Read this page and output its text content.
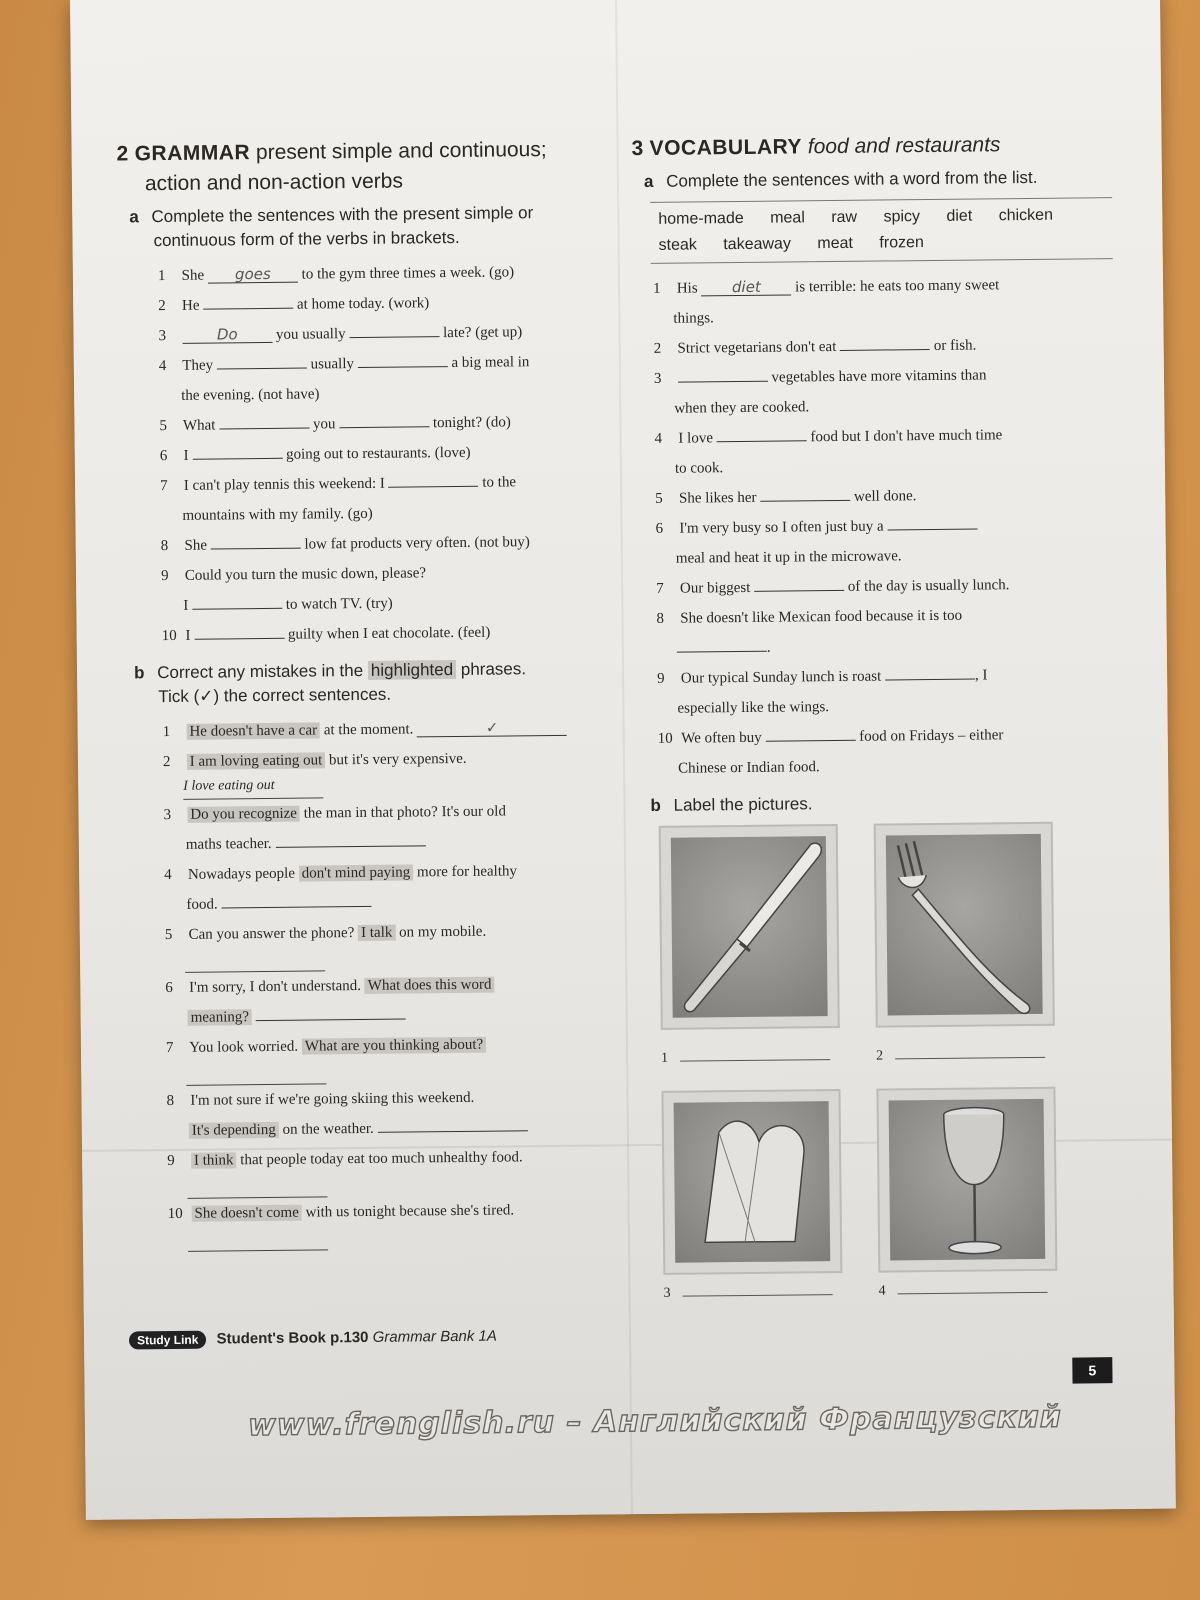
2 GRAMMAR present simple and continuous;
action and non-action verbs
a Complete the sentences with the present simple or
continuous form of the verbs in brackets.
1 She goes to the gym three times a week. (go)
2 He	at home today. (work)
3	Do	you usually	late? (get up)
4 They	usually	a big meal in
the evening. (not have)
5 What	you	tonight? (do)
6 I	going out to restaurants. (love)
7 I can't play tennis this weekend: I	to the
mountains with my family. (go)
8 She	low fat products very often. (not buy)
9 Could you turn the music down, please?
I	to watch TV. (try)
10 I	guilty when I eat chocolate. (feel)
b Correct any mistakes in the highlighted phrases.
Tick (✓) the correct sentences.
1 He doesn't have a car at the moment.	✓
2 I am loving eating out but it's very expensive.
I love eating out
3 Do you recognize the man in that photo? It's our old
maths teacher.
4 Nowadays people don't mind paying more for healthy
food.
5 Can you answer the phone? I talk on my mobile.
6 I'm sorry, I don't understand. What does this word
meaning?
7 You look worried. What are you thinking about?
8 I'm not sure if we're going skiing this weekend.
It's depending on the weather.
9 I think that people today eat too much unhealthy food.
10 She doesn't come with us tonight because she's tired.
3 VOCABULARY food and restaurants
a Complete the sentences with a word from the list.
home-made meal raw spicy diet chicken
steak takeaway meat frozen
1 His diet is terrible: he eats too many sweet
things.
2 Strict vegetarians don't eat	or fish.
3	vegetables have more vitamins than
when they are cooked.
4 I love	food but I don't have much time
to cook.
5 She likes her	well done.
6 I'm very busy so I often just buy a
meal and heat it up in the microwave.
7 Our biggest	of the day is usually lunch.
8 She doesn't like Mexican food because it is too
.
9 Our typical Sunday lunch is roast	, I
especially like the wings.
10 We often buy	food on Fridays – either
Chinese or Indian food.
b Label the pictures.
1	2
3	4
Study Link Student's Book p.130 Grammar Bank 1A
5
www.frenglish.ru – Английский Французский
